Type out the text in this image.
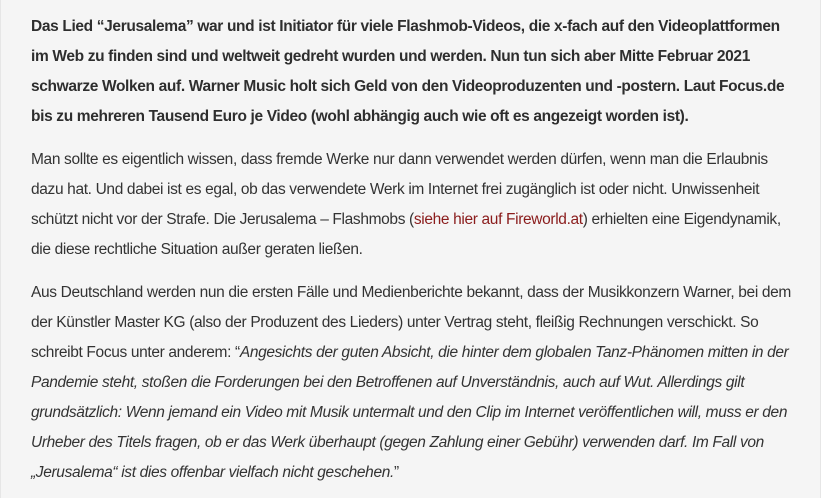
Das Lied “Jerusalema” war und ist Initiator für viele Flashmob-Videos, die x-fach auf den Videoplattformen im Web zu finden sind und weltweit gedreht wurden und werden. Nun tun sich aber Mitte Februar 2021 schwarze Wolken auf. Warner Music holt sich Geld von den Videoproduzenten und -postern. Laut Focus.de bis zu mehreren Tausend Euro je Video (wohl abhängig auch wie oft es angezeigt worden ist).

Man sollte es eigentlich wissen, dass fremde Werke nur dann verwendet werden dürfen, wenn man die Erlaubnis dazu hat. Und dabei ist es egal, ob das verwendete Werk im Internet frei zugänglich ist oder nicht. Unwissenheit schützt nicht vor der Strafe. Die Jerusalema – Flashmobs (siehe hier auf Fireworld.at) erhielten eine Eigendynamik, die diese rechtliche Situation außer geraten ließen.

Aus Deutschland werden nun die ersten Fälle und Medienberichte bekannt, dass der Musikkonzern Warner, bei dem der Künstler Master KG (also der Produzent des Lieders) unter Vertrag steht, fleißig Rechnungen verschickt. So schreibt Focus unter anderem: “Angesichts der guten Absicht, die hinter dem globalen Tanz-Phänomen mitten in der Pandemie steht, stoßen die Forderungen bei den Betroffenen auf Unverständnis, auch auf Wut. Allerdings gilt grundsätzlich: Wenn jemand ein Video mit Musik untermalt und den Clip im Internet veröffentlichen will, muss er den Urheber des Titels fragen, ob er das Werk überhaupt (gegen Zahlung einer Gebühr) verwenden darf. Im Fall von „Jerusalema“ ist dies offenbar vielfach nicht geschehen.”
